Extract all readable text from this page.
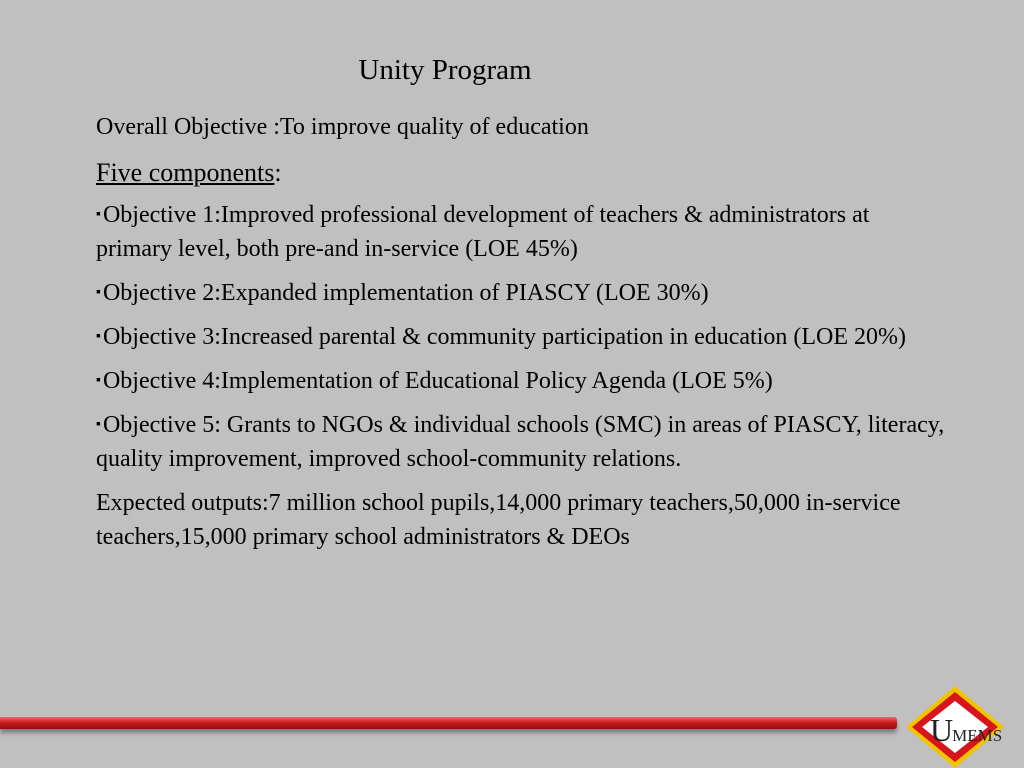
Unity Program

Overall Objective :To improve quality of education

Five components:

▪Objective 1:Improved professional development of teachers & administrators at primary level, both pre-and in-service (LOE 45%)

▪Objective 2:Expanded implementation of PIASCY (LOE 30%)

▪Objective 3:Increased parental & community participation in education (LOE 20%)

▪Objective 4:Implementation of Educational Policy Agenda (LOE 5%)

▪Objective 5: Grants to NGOs & individual schools (SMC) in areas of PIASCY, literacy, quality improvement, improved school-community relations.

Expected outputs:7 million school pupils,14,000 primary teachers,50,000 in-service teachers,15,000 primary school administrators & DEOs

UMEMS
